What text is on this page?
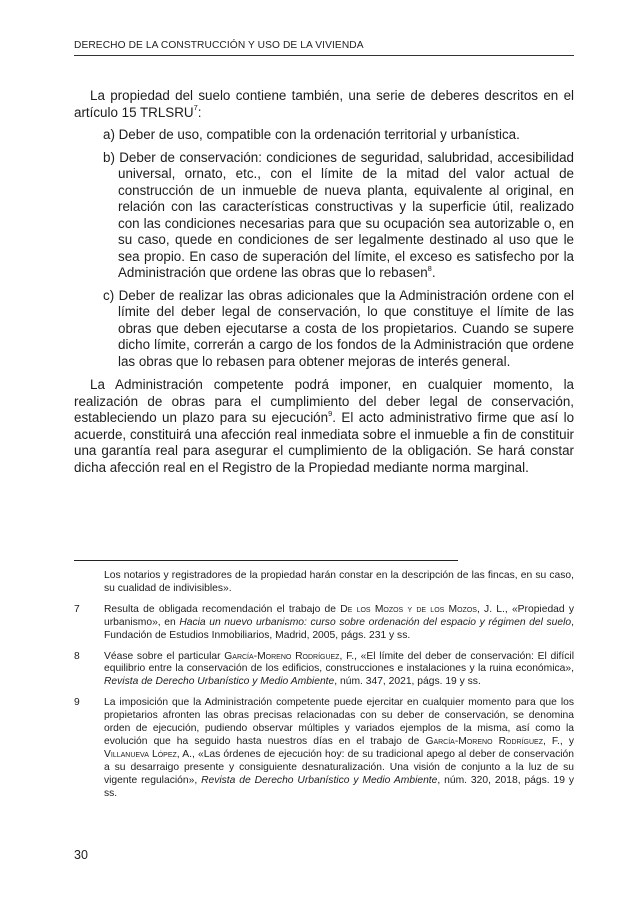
DERECHO DE LA CONSTRUCCIÓN Y USO DE LA VIVIENDA

La propiedad del suelo contiene también, una serie de deberes descritos en el artículo 15 TRLSRU$^7$:

a) Deber de uso, compatible con la ordenación territorial y urbanística.

b) Deber de conservación: condiciones de seguridad, salubridad, accesibilidad universal, ornato, etc., con el límite de la mitad del valor actual de construcción de un inmueble de nueva planta, equivalente al original, en relación con las características constructivas y la superficie útil, realizado con las condiciones necesarias para que su ocupación sea autorizable o, en su caso, quede en condiciones de ser legalmente destinado al uso que le sea propio. En caso de superación del límite, el exceso es satisfecho por la Administración que ordene las obras que lo rebasen$^8$.

c) Deber de realizar las obras adicionales que la Administración ordene con el límite del deber legal de conservación, lo que constituye el límite de las obras que deben ejecutarse a costa de los propietarios. Cuando se supere dicho límite, correrán a cargo de los fondos de la Administración que ordene las obras que lo rebasen para obtener mejoras de interés general.

La Administración competente podrá imponer, en cualquier momento, la realización de obras para el cumplimiento del deber legal de conservación, estableciendo un plazo para su ejecución$^9$. El acto administrativo firme que así lo acuerde, constituirá una afección real inmediata sobre el inmueble a fin de constituir una garantía real para asegurar el cumplimiento de la obligación. Se hará constar dicha afección real en el Registro de la Propiedad mediante norma marginal.

Los notarios y registradores de la propiedad harán constar en la descripción de las fincas, en su caso, su cualidad de indivisibles».
7	Resulta de obligada recomendación el trabajo de De los Mozos y de los Mozos, J. L., «Propiedad y urbanismo», en Hacia un nuevo urbanismo: curso sobre ordenación del espacio y régimen del suelo, Fundación de Estudios Inmobiliarios, Madrid, 2005, págs. 231 y ss.
8	Véase sobre el particular García-Moreno Rodríguez, F., «El límite del deber de conservación: El difícil equilibrio entre la conservación de los edificios, construcciones e instalaciones y la ruina económica», Revista de Derecho Urbanístico y Medio Ambiente, núm. 347, 2021, págs. 19 y ss.
9	La imposición que la Administración competente puede ejercitar en cualquier momento para que los propietarios afronten las obras precisas relacionadas con su deber de conservación, se denomina orden de ejecución, pudiendo observar múltiples y variados ejemplos de la misma, así como la evolución que ha seguido hasta nuestros días en el trabajo de García-Moreno Rodríguez, F., y Villanueva López, A., «Las órdenes de ejecución hoy: de su tradicional apego al deber de conservación a su desarraigo presente y consiguiente desnaturalización. Una visión de conjunto a la luz de su vigente regulación», Revista de Derecho Urbanístico y Medio Ambiente, núm. 320, 2018, págs. 19 y ss.
30
